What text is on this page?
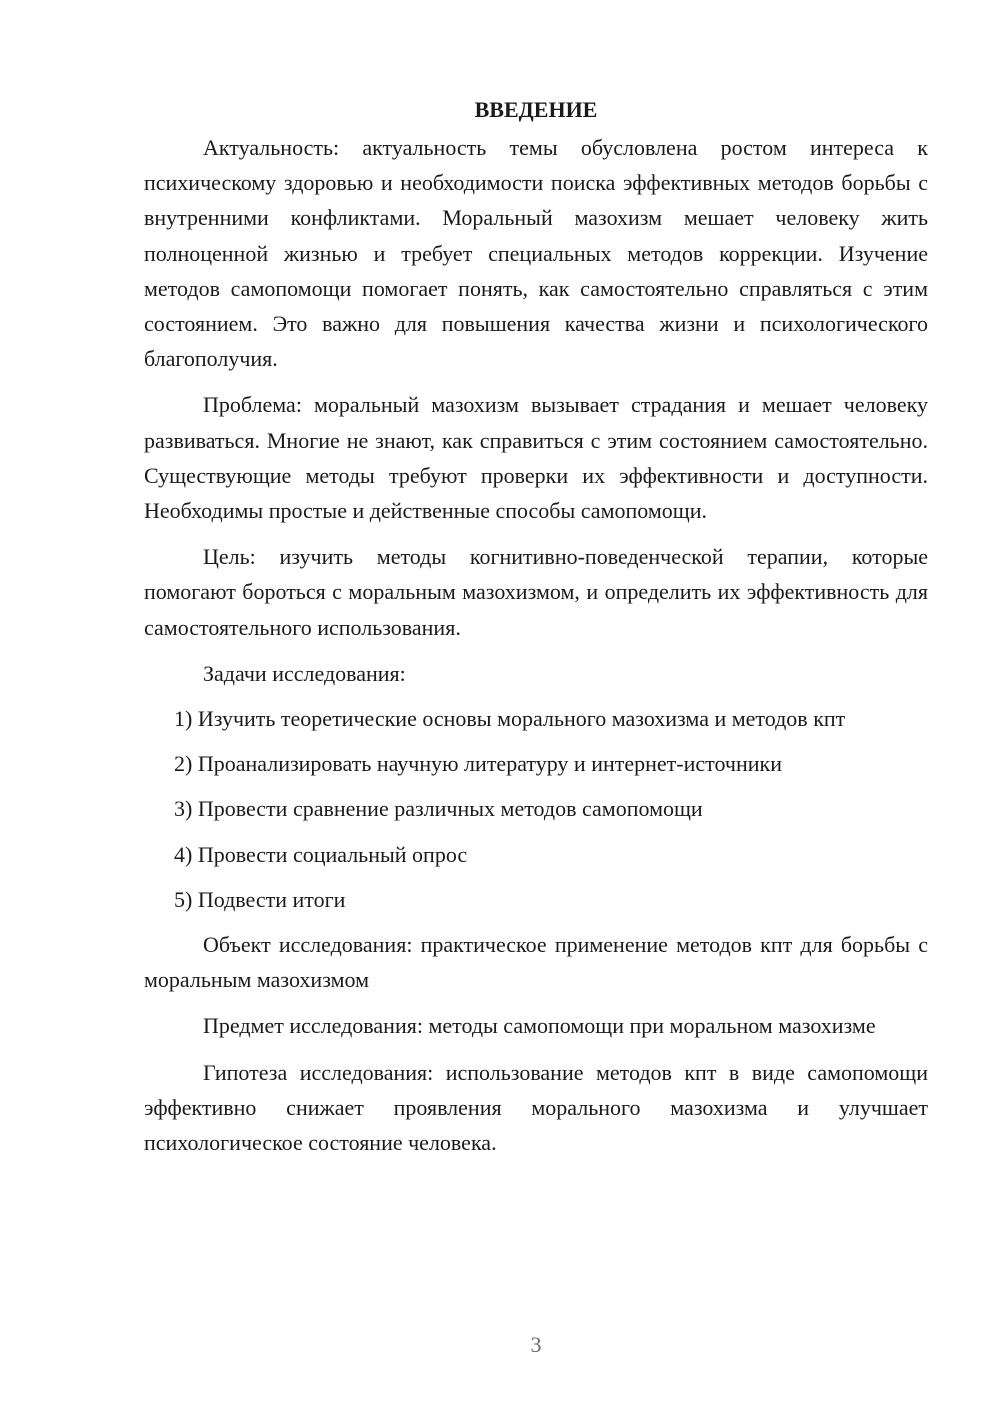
ВВЕДЕНИЕ

Актуальность: актуальность темы обусловлена ростом интереса к психическому здоровью и необходимости поиска эффективных методов борьбы с внутренними конфликтами. Моральный мазохизм мешает человеку жить полноценной жизнью и требует специальных методов коррекции. Изучение методов самопомощи помогает понять, как самостоятельно справляться с этим состоянием. Это важно для повышения качества жизни и психологического благополучия.

Проблема: моральный мазохизм вызывает страдания и мешает человеку развиваться. Многие не знают, как справиться с этим состоянием самостоятельно. Существующие методы требуют проверки их эффективности и доступности. Необходимы простые и действенные способы самопомощи.

Цель: изучить методы когнитивно-поведенческой терапии, которые помогают бороться с моральным мазохизмом, и определить их эффективность для самостоятельного использования.

Задачи исследования:

1) Изучить теоретические основы морального мазохизма и методов кпт

2) Проанализировать научную литературу и интернет-источники

3) Провести сравнение различных методов самопомощи

4) Провести социальный опрос

5) Подвести итоги

Объект исследования: практическое применение методов кпт для борьбы с моральным мазохизмом

Предмет исследования: методы самопомощи при моральном мазохизме

Гипотеза исследования: использование методов кпт в виде самопомощи эффективно снижает проявления морального мазохизма и улучшает психологическое состояние человека.

3
